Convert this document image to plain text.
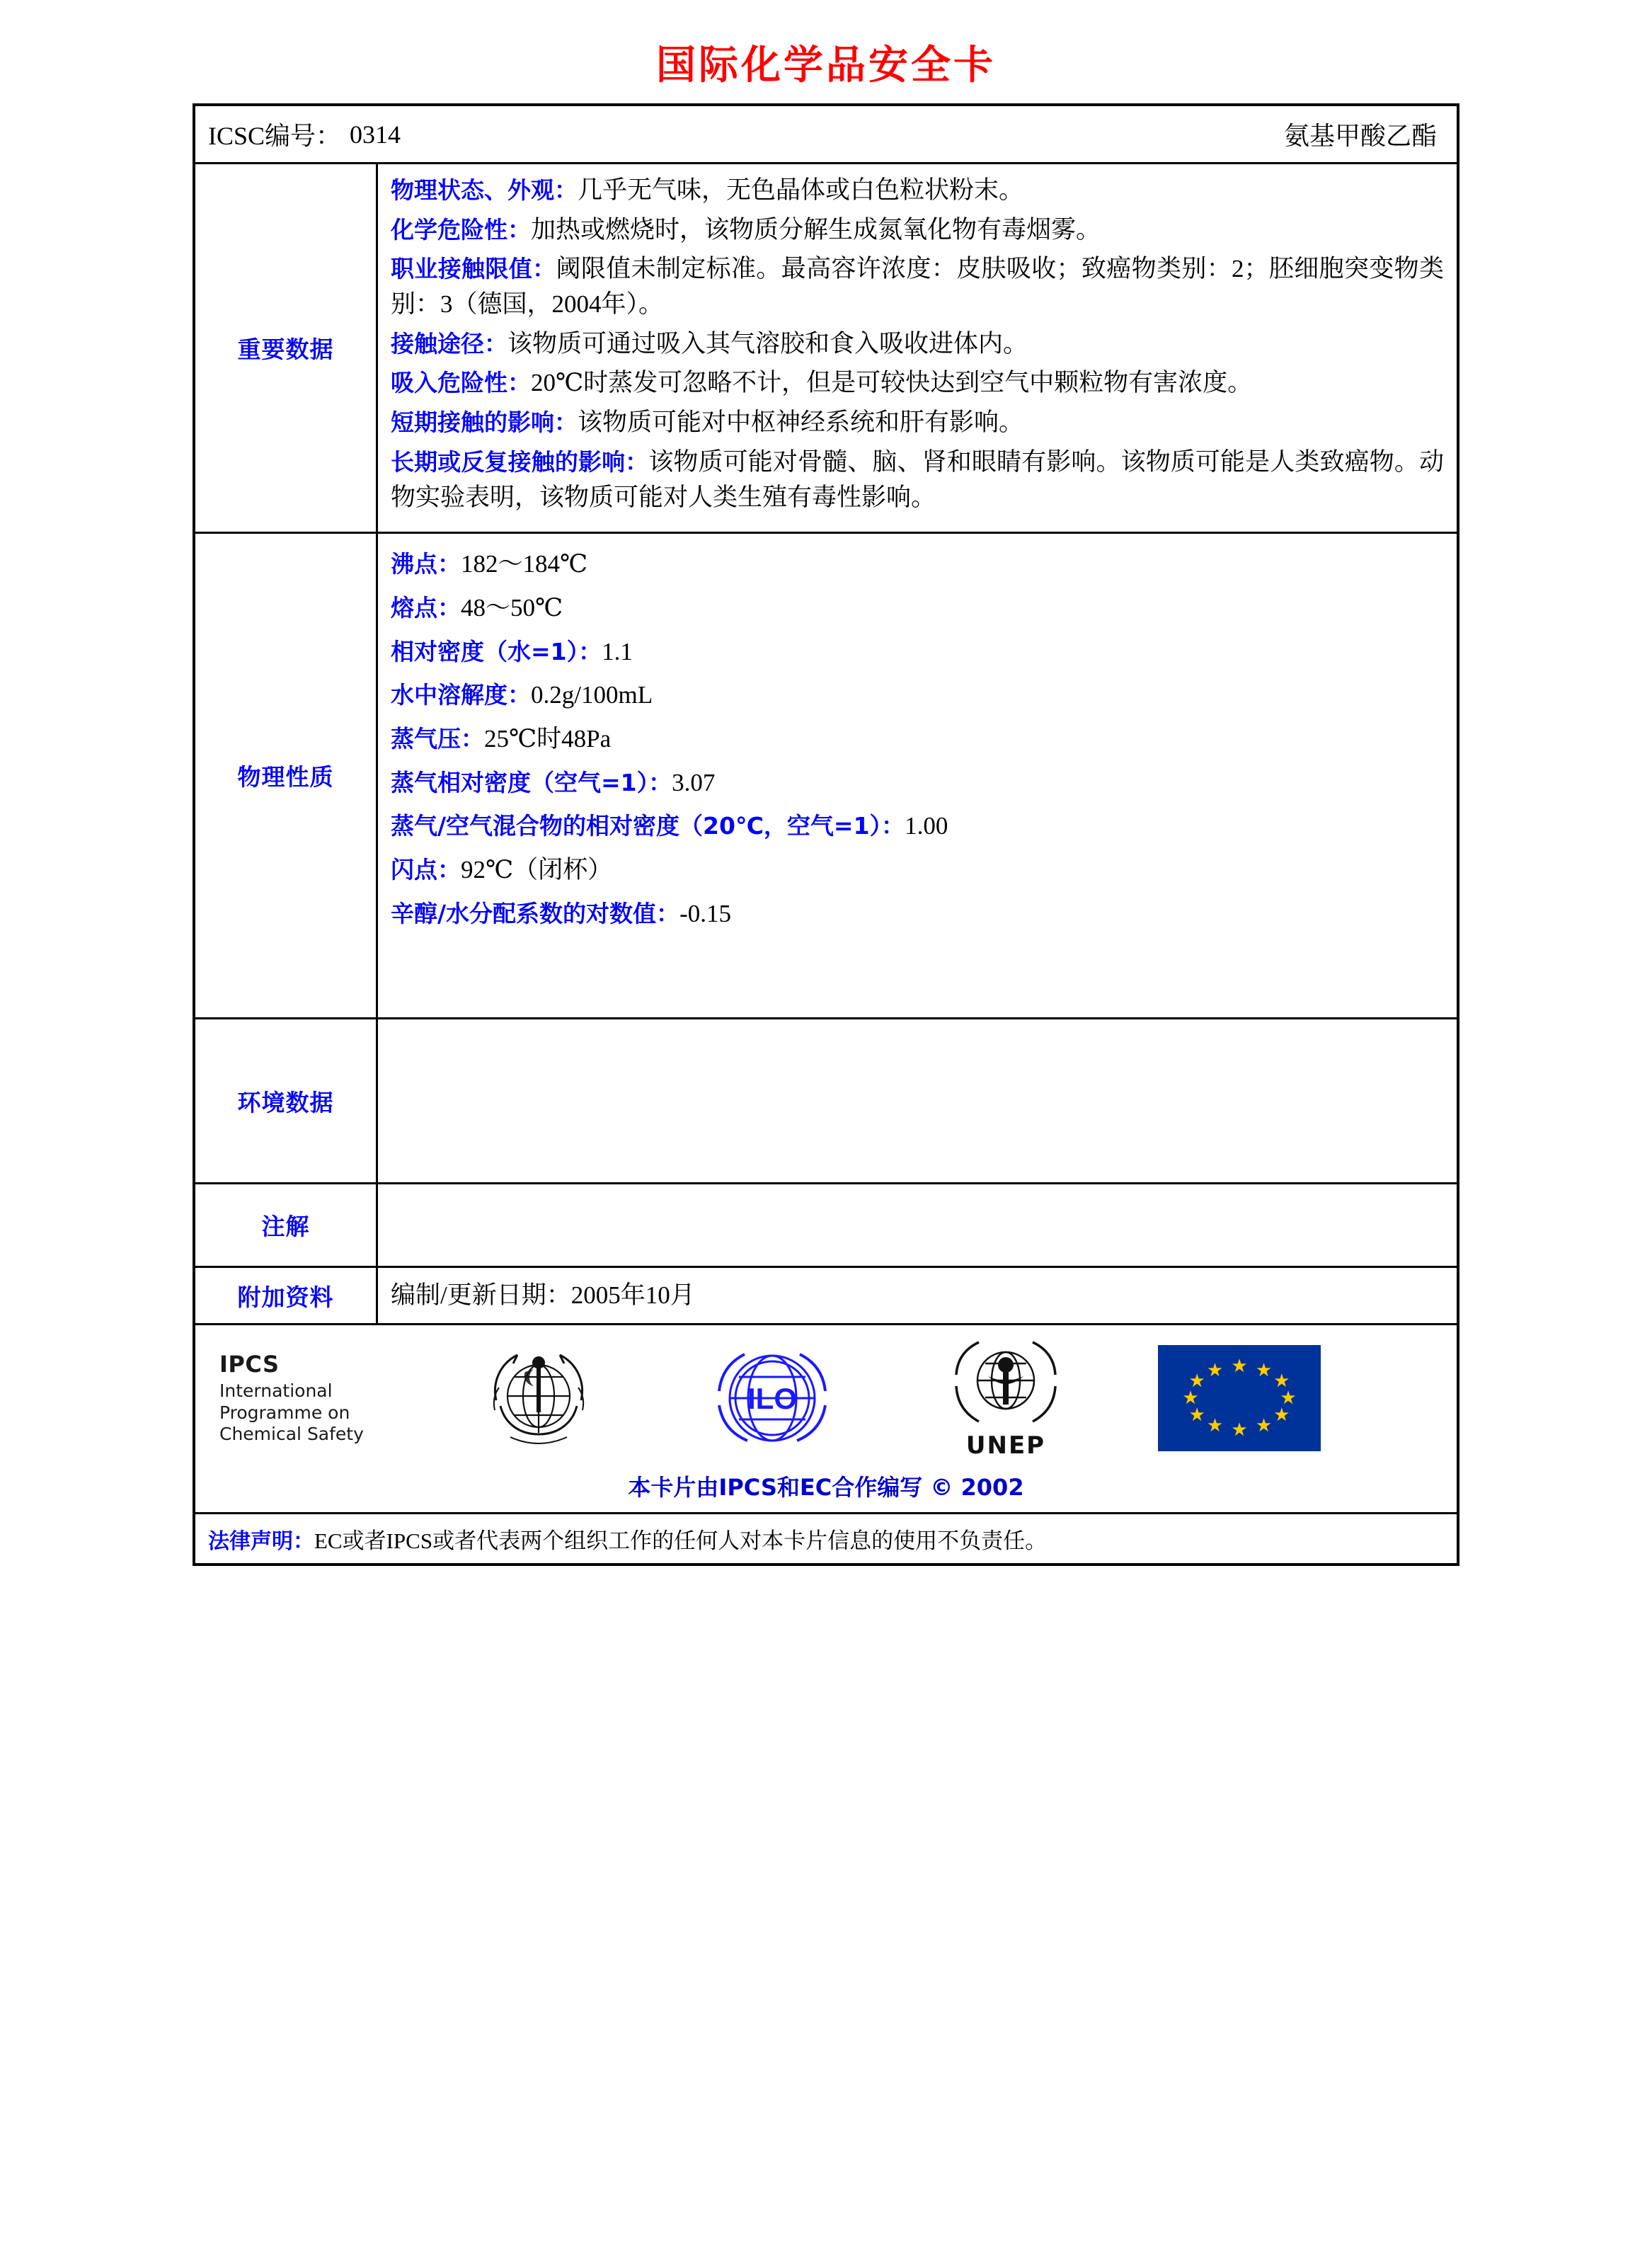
国际化学品安全卡
ICSC编号： 0314	氨基甲酸乙酯
重要数据

物理状态、外观：几乎无气味，无色晶体或白色粒状粉末。

化学危险性：加热或燃烧时，该物质分解生成氮氧化物有毒烟雾。

职业接触限值：阈限值未制定标准。最高容许浓度：皮肤吸收；致癌物类别：2；胚细胞突变物类别：3（德国，2004年）。

接触途径：该物质可通过吸入其气溶胶和食入吸收进体内。

吸入危险性：20℃时蒸发可忽略不计，但是可较快达到空气中颗粒物有害浓度。

短期接触的影响：该物质可能对中枢神经系统和肝有影响。

长期或反复接触的影响：该物质可能对骨髓、脑、肾和眼睛有影响。该物质可能是人类致癌物。动物实验表明，该物质可能对人类生殖有毒性影响。

物理性质

沸点：182～184℃

熔点：48～50℃

相对密度（水=1）：1.1

水中溶解度：0.2g/100mL

蒸气压：25℃时48Pa

蒸气相对密度（空气=1）：3.07

蒸气/空气混合物的相对密度（20℃，空气=1）：1.00

闪点：92℃（闭杯）

辛醇/水分配系数的对数值：-0.15

环境数据
注解
附加资料	编制/更新日期：2005年10月
IPCS
International
Programme on
Chemical Safety
ILO
UNEP
★ ★
★
★
★
★
★
★
★
★
★
★
本卡片由IPCS和EC合作编写 © 2002
法律声明：EC或者IPCS或者代表两个组织工作的任何人对本卡片信息的使用不负责任。
